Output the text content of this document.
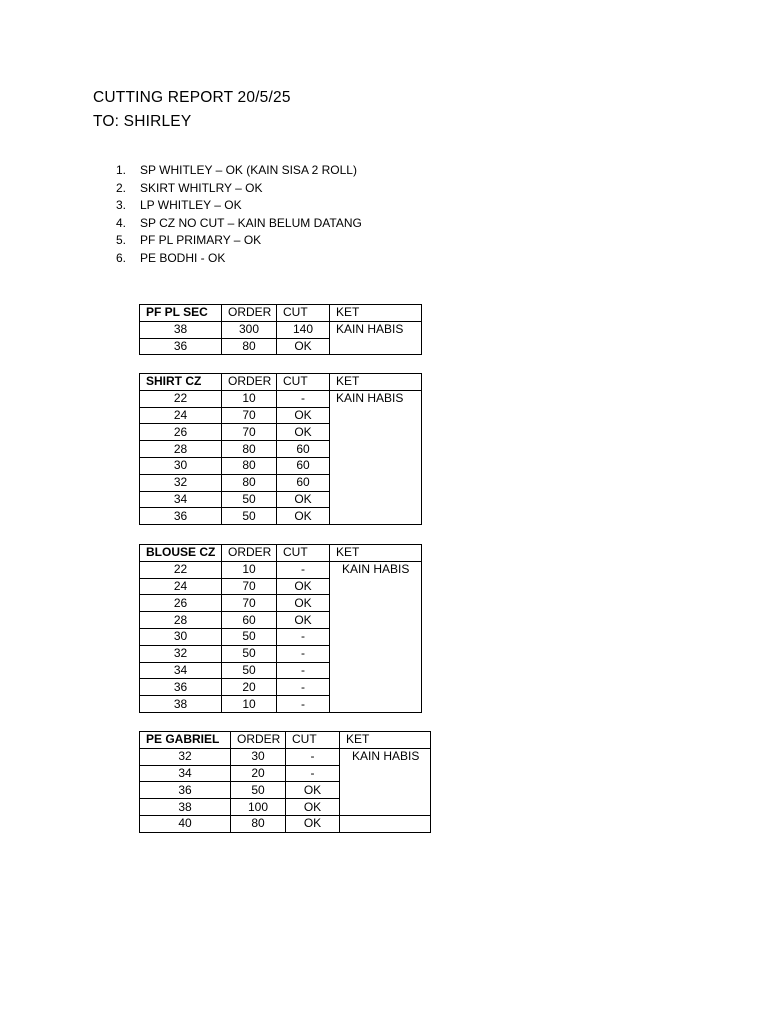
CUTTING REPORT 20/5/25
TO: SHIRLEY
1. SP WHITLEY – OK (KAIN SISA 2 ROLL)
2. SKIRT WHITLRY – OK
3. LP WHITLEY – OK
4. SP CZ NO CUT – KAIN BELUM DATANG
5. PF PL PRIMARY – OK
6. PE BODHI - OK
PF PL SEC	ORDER	CUT	KET
38	300	140	KAIN HABIS
36	80	OK	
SHIRT CZ	ORDER	CUT	KET
22	10	-	KAIN HABIS
24	70	OK	
26	70	OK	
28	80	60	
30	80	60	
32	80	60	
34	50	OK	
36	50	OK	
BLOUSE CZ	ORDER	CUT	KET
22	10	-	KAIN HABIS
24	70	OK	
26	70	OK	
28	60	OK	
30	50	-	
32	50	-	
34	50	-	
36	20	-	
38	10	-	
PE GABRIEL	ORDER	CUT	KET
32	30	-	KAIN HABIS
34	20	-	
36	50	OK	
38	100	OK	
40	80	OK	
